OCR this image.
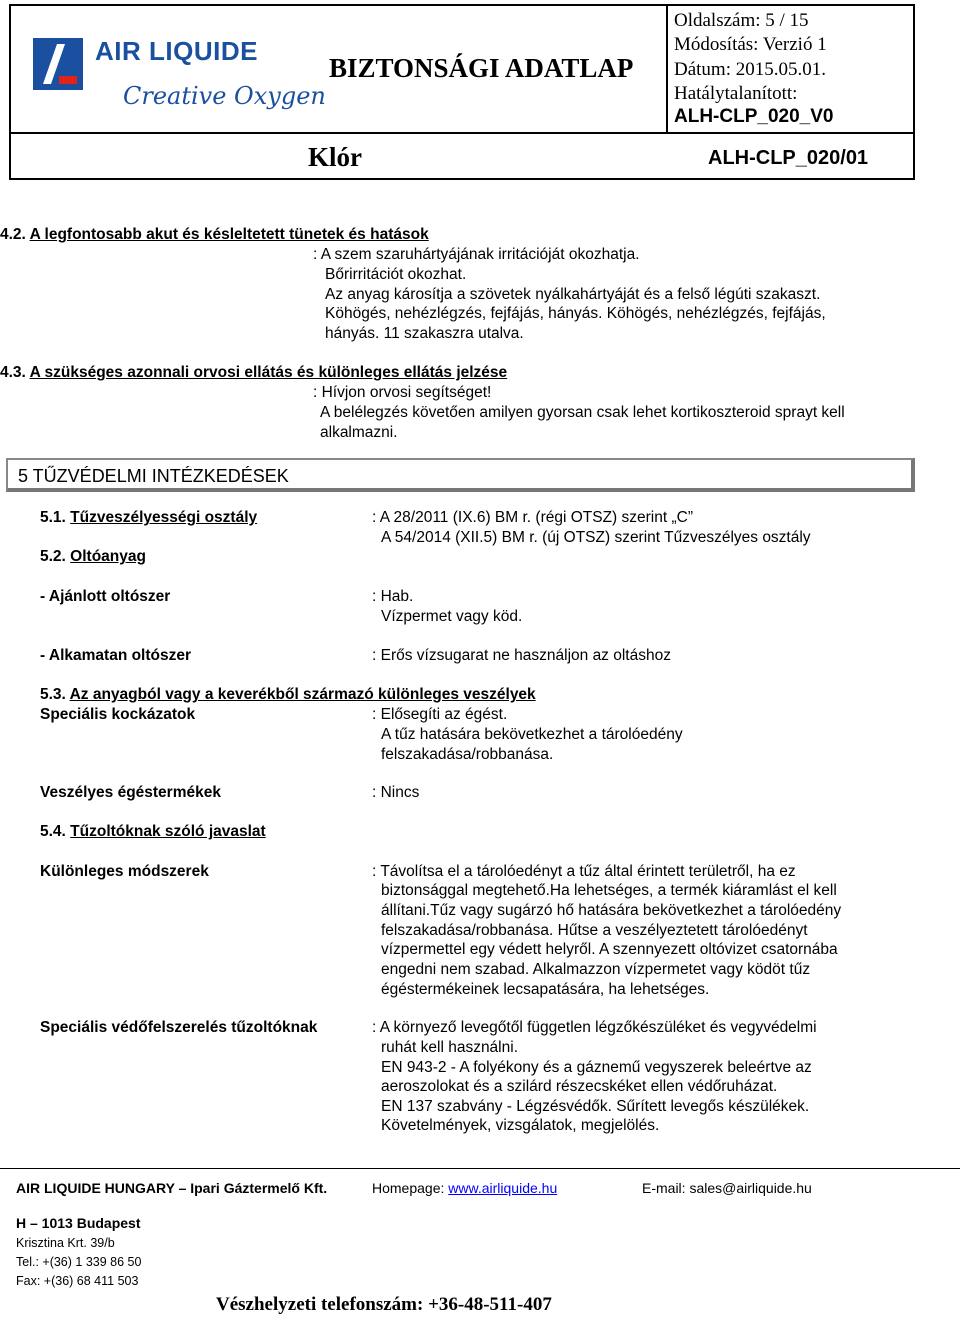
AIR LIQUIDE
Creative Oxygen
BIZTONSÁGI ADATLAP
Oldalszám: 5 / 15
Módosítás: Verzió 1
Dátum: 2015.05.01.
Hatálytalanított:
ALH-CLP_020_V0
Klór	ALH-CLP_020/01
4.2. A legfontosabb akut és késleltetett tünetek és hatások
: A szem szaruhártyájának irritációját okozhatja.
Bőrirritációt okozhat.
Az anyag károsítja a szövetek nyálkahártyáját és a felső légúti szakaszt.
Köhögés, nehézlégzés, fejfájás, hányás. Köhögés, nehézlégzés, fejfájás,
hányás. 11 szakaszra utalva.
4.3. A szükséges azonnali orvosi ellátás és különleges ellátás jelzése
: Hívjon orvosi segítséget!
A belélegzés követően amilyen gyorsan csak lehet kortikoszteroid sprayt kell
alkalmazni.
5 TŰZVÉDELMI INTÉZKEDÉSEK
5.1. Tűzveszélyességi osztály	: A 28/2011 (IX.6) BM r. (régi OTSZ) szerint „C”
A 54/2014 (XII.5) BM r. (új OTSZ) szerint Tűzveszélyes osztály
5.2. Oltóanyag
- Ajánlott oltószer	: Hab.
Vízpermet vagy köd.
- Alkamatan oltószer	: Erős vízsugarat ne használjon az oltáshoz
5.3. Az anyagból vagy a keverékből származó különleges veszélyek
Speciális kockázatok	: Elősegíti az égést.
A tűz hatására bekövetkezhet a tárolóedény
felszakadása/robbanása.
Veszélyes égéstermékek	: Nincs
5.4. Tűzoltóknak szóló javaslat
Különleges módszerek	: Távolítsa el a tárolóedényt a tűz által érintett területről, ha ez
biztonsággal megtehető.Ha lehetséges, a termék kiáramlást el kell
állítani.Tűz vagy sugárzó hő hatására bekövetkezhet a tárolóedény
felszakadása/robbanása. Hűtse a veszélyeztetett tárolóedényt
vízpermettel egy védett helyről. A szennyezett oltóvizet csatornába
engedni nem szabad. Alkalmazzon vízpermetet vagy ködöt tűz
égéstermékeinek lecsapatására, ha lehetséges.
Speciális védőfelszerelés tűzoltóknak	: A környező levegőtől független légzőkészüléket és vegyvédelmi
ruhát kell használni.
EN 943-2 - A folyékony és a gáznemű vegyszerek beleértve az
aeroszolokat és a szilárd részecskéket ellen védőruházat.
EN 137 szabvány - Légzésvédők. Sűrített levegős készülékek.
Követelmények, vizsgálatok, megjelölés.
AIR LIQUIDE HUNGARY – Ipari Gáztermelő Kft.	Homepage: www.airliquide.hu	E-mail: sales@airliquide.hu
H – 1013 Budapest
Krisztina Krt. 39/b
Tel.: +(36) 1 339 86 50
Fax: +(36) 68 411 503
Vészhelyzeti telefonszám: +36-48-511-407
